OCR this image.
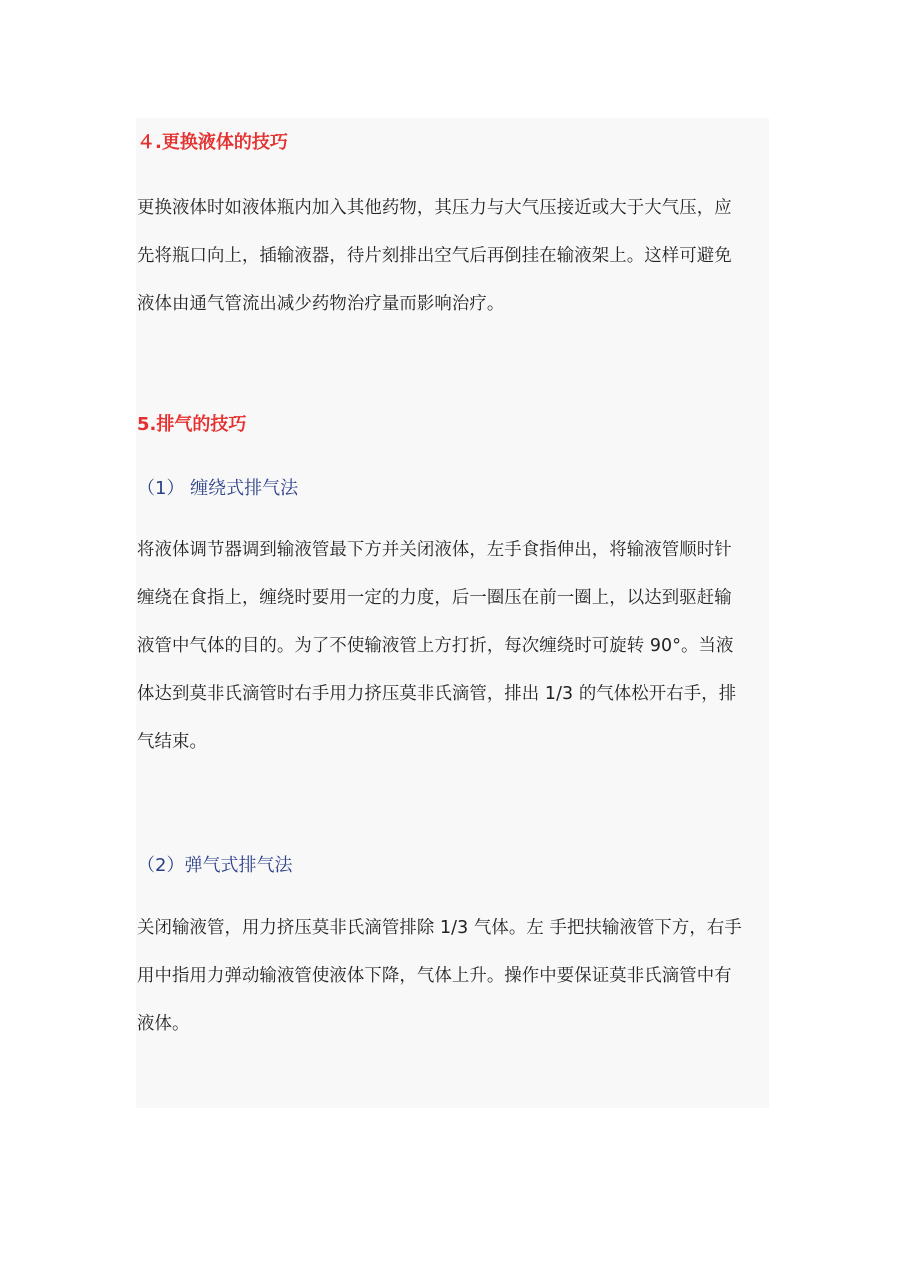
４.更换液体的技巧
更换液体时如液体瓶内加入其他药物，其压力与大气压接近或大于大气压，应
先将瓶口向上，插输液器，待片刻排出空气后再倒挂在输液架上。这样可避免
液体由通气管流出减少药物治疗量而影响治疗。
5.排气的技巧
（1） 缠绕式排气法
将液体调节器调到输液管最下方并关闭液体，左手食指伸出，将输液管顺时针
缠绕在食指上，缠绕时要用一定的力度，后一圈压在前一圈上，以达到驱赶输
液管中气体的目的。为了不使输液管上方打折，每次缠绕时可旋转 90°。当液
体达到莫非氏滴管时右手用力挤压莫非氏滴管，排出 1/3 的气体松开右手，排
气结束。
（2）弹气式排气法
关闭输液管，用力挤压莫非氏滴管排除 1/3 气体。左 手把扶输液管下方，右手
用中指用力弹动输液管使液体下降，气体上升。操作中要保证莫非氏滴管中有
液体。
